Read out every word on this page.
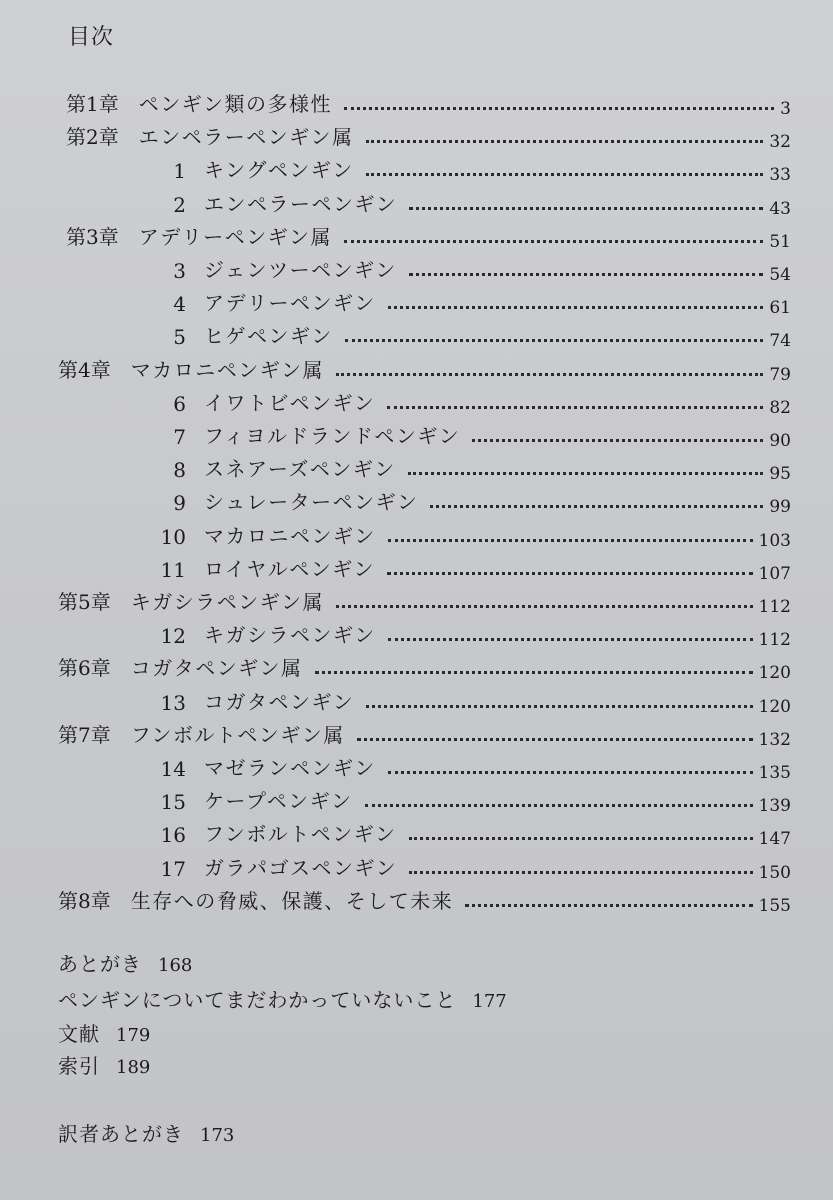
目次
第1章 ペンギン類の多様性	3
第2章 エンペラーペンギン属	32
1 キングペンギン	33
2 エンペラーペンギン	43
第3章 アデリーペンギン属	51
3 ジェンツーペンギン	54
4 アデリーペンギン	61
5 ヒゲペンギン	74
第4章 マカロニペンギン属	79
6 イワトビペンギン	82
7 フィヨルドランドペンギン	90
8 スネアーズペンギン	95
9 シュレーターペンギン	99
10 マカロニペンギン	103
11 ロイヤルペンギン	107
第5章 キガシラペンギン属	112
12 キガシラペンギン	112
第6章 コガタペンギン属	120
13 コガタペンギン	120
第7章 フンボルトペンギン属	132
14 マゼランペンギン	135
15 ケープペンギン	139
16 フンボルトペンギン	147
17 ガラパゴスペンギン	150
第8章 生存への脅威、保護、そして未来	155
あとがき 168
ペンギンについてまだわかっていないこと 177
文献 179
索引 189
訳者あとがき 173
